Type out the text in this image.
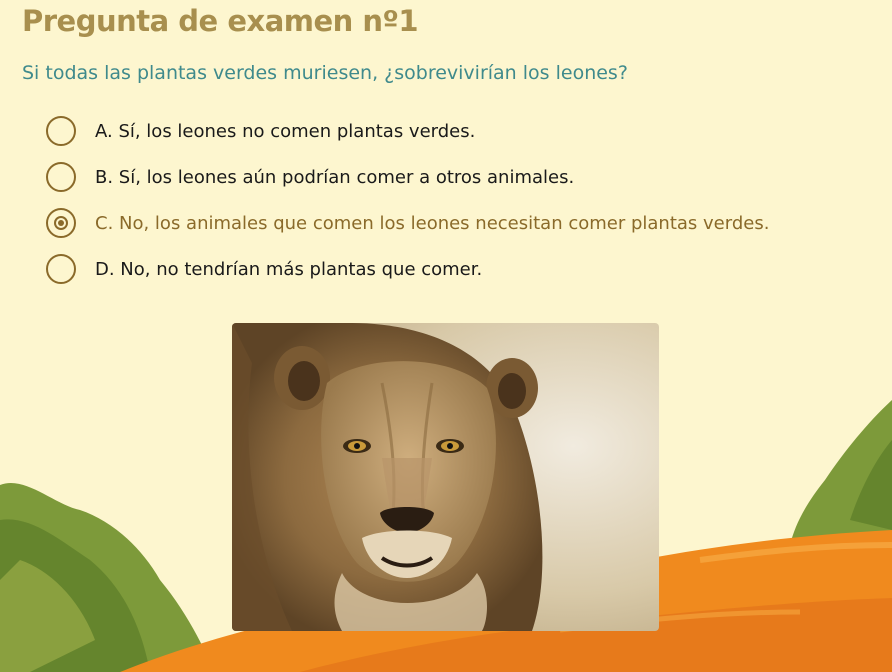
Pregunta de examen nº1
Si todas las plantas verdes muriesen, ¿sobrevivirían los leones?
A. Sí, los leones no comen plantas verdes.
B. Sí, los leones aún podrían comer a otros animales.
C. No, los animales que comen los leones necesitan comer plantas verdes.
D. No, no tendrían más plantas que comer.
